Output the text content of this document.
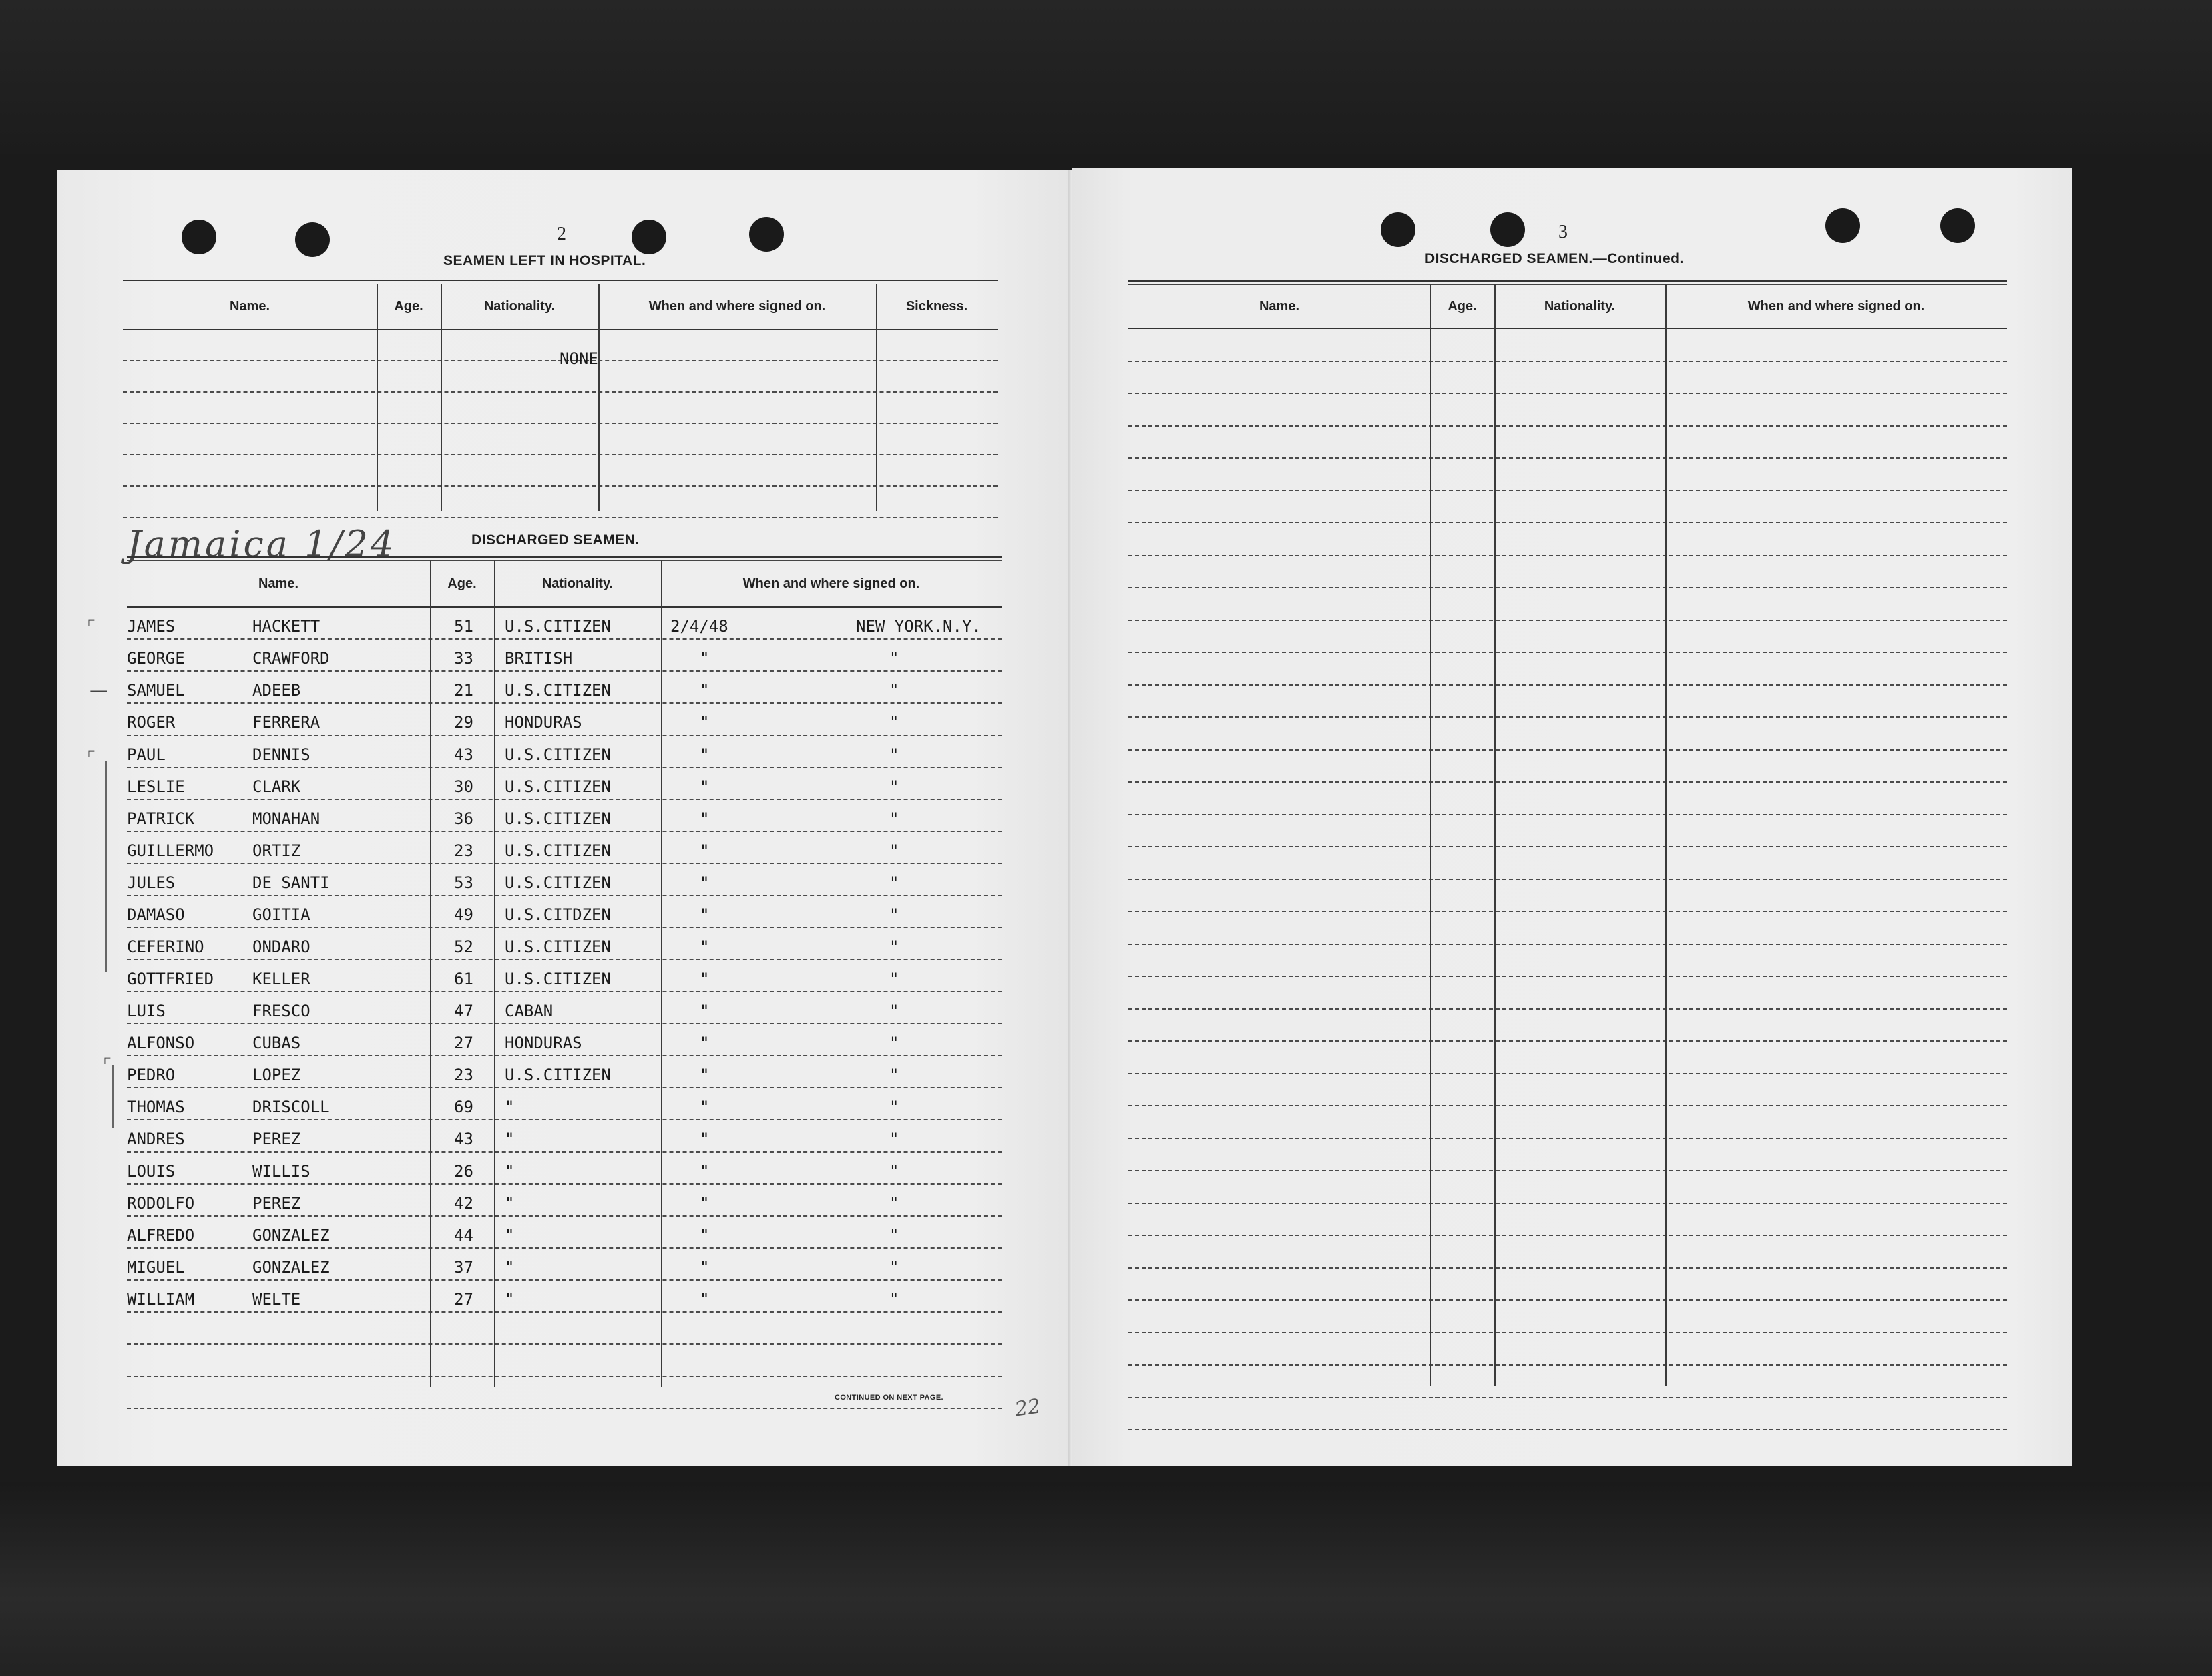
2
SEAMEN LEFT IN HOSPITAL.
Name.	Age.	Nationality.	When and where signed on.	Sickness.
NONE
Jamaica 1/24	DISCHARGED SEAMEN.
Name.	Age.	Nationality.	When and where signed on.
JAMES	HACKETT	51 U.S.CITIZEN	2/4/48	NEW YORK.N.Y.
GEORGE	CRAWFORD	33 BRITISH	"	"
SAMUEL	ADEEB	21 U.S.CITIZEN	"	"
ROGER	FERRERA	29 HONDURAS	"	"
PAUL	DENNIS	43 U.S.CITIZEN	"	"
LESLIE	CLARK	30 U.S.CITIZEN	"	"
PATRICK	MONAHAN	36 U.S.CITIZEN	"	"
GUILLERMO ORTIZ	23 U.S.CITIZEN	"	"
JULES	DE SANTI	53 U.S.CITIZEN	"	"
DAMASO	GOITIA	49 U.S.CITDZEN	"	"
CEFERINO	ONDARO	52 U.S.CITIZEN	"	"
GOTTFRIED KELLER	61 U.S.CITIZEN	"	"
LUIS	FRESCO	47 CABAN	"	"
ALFONSO	CUBAS	27 HONDURAS	"	"
PEDRO	LOPEZ	23 U.S.CITIZEN	"	"
THOMAS	DRISCOLL	69 "	"	"
ANDRES	PEREZ	43 "	"	"
LOUIS	WILLIS	26 "	"	"
RODOLFO	PEREZ	42 "	"	"
ALFREDO	GONZALEZ	44 "	"	"
MIGUEL	GONZALEZ	37 "	"	"
WILLIAM	WELTE	27 "	"	"
⌜
—
⌜
⌜
CONTINUED ON NEXT PAGE.	22
3
DISCHARGED SEAMEN.—Continued.
Name.	Age.	Nationality.	When and where signed on.
